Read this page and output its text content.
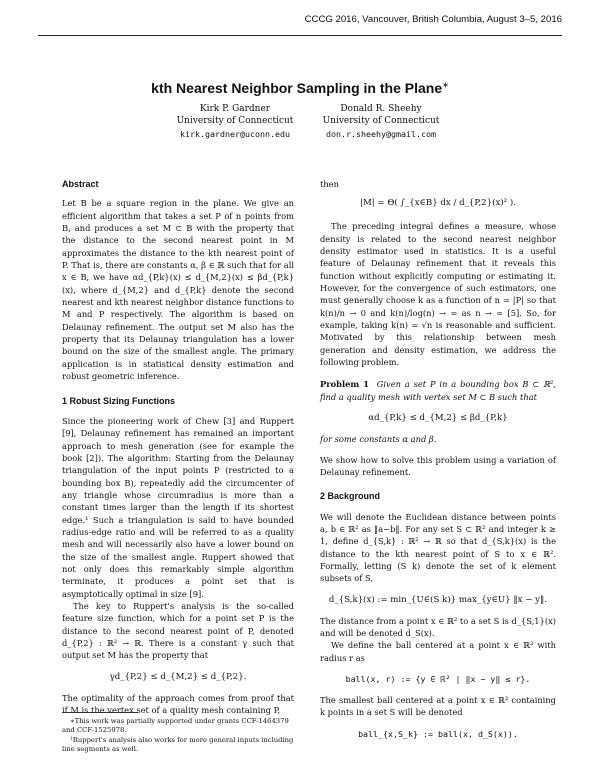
CCCG 2016, Vancouver, British Columbia, August 3–5, 2016
kth Nearest Neighbor Sampling in the Plane∗
Kirk P. Gardner
University of Connecticut
kirk.gardner@uconn.edu
Donald R. Sheehy
University of Connecticut
don.r.sheehy@gmail.com
Abstract

Let B be a square region in the plane. We give an efficient algorithm that takes a set P of n points from B, and produces a set M ⊂ B with the property that the distance to the second nearest point in M approximates the distance to the kth nearest point of P. That is, there are constants α, β ∈ ℝ such that for all x ∈ B, we have αd_{P,k}(x) ≤ d_{M,2}(x) ≤ βd_{P,k}(x), where d_{M,2} and d_{P,k} denote the second nearest and kth nearest neighbor distance functions to M and P respectively. The algorithm is based on Delaunay refinement. The output set M also has the property that its Delaunay triangulation has a lower bound on the size of the smallest angle. The primary application is in statistical density estimation and robust geometric inference.

1 Robust Sizing Functions

Since the pioneering work of Chew [3] and Ruppert [9], Delaunay refinement has remained an important approach to mesh generation (see for example the book [2]). The algorithm: Starting from the Delaunay triangulation of the input points P (restricted to a bounding box B), repeatedly add the circumcenter of any triangle whose circumradius is more than a constant times larger than the length if its shortest edge.¹ Such a triangulation is said to have bounded radius-edge ratio and will be referred to as a quality mesh and will necessarily also have a lower bound on the size of the smallest angle. Ruppert showed that not only does this remarkably simple algorithm terminate, it produces a point set that is asymptotically optimal in size [9].

The key to Ruppert's analysis is the so-called feature size function, which for a point set P is the distance to the second nearest point of P, denoted d_{P,2} : ℝ² → ℝ. There is a constant γ such that output set M has the property that

γd_{P,2} ≤ d_{M,2} ≤ d_{P,2}.

The optimality of the approach comes from proof that if M is the vertex set of a quality mesh containing P,

∗This work was partially supported under grants CCF-1464379 and CCF-1525978.
¹Ruppert's analysis also works for more general inputs including line segments as well.

then

|M| = Θ( ∫_{x∈B} dx / d_{P,2}(x)² ).

The preceding integral defines a measure, whose density is related to the second nearest neighbor density estimator used in statistics. It is a useful feature of Delaunay refinement that it reveals this function without explicitly computing or estimating it. However, for the convergence of such estimators, one must generally choose k as a function of n = |P| so that k(n)/n → 0 and k(n)/log(n) → ∞ as n → ∞ [5]. So, for example, taking k(n) = √n is reasonable and sufficient. Motivated by this relationship between mesh generation and density estimation, we address the following problem.

Problem 1 Given a set P in a bounding box B ⊂ ℝ², find a quality mesh with vertex set M ⊂ B such that

αd_{P,k} ≤ d_{M,2} ≤ βd_{P,k}

for some constants α and β.

We show how to solve this problem using a variation of Delaunay refinement.

2 Background

We will denote the Euclidean distance between points a, b ∈ ℝ² as ‖a−b‖. For any set S ⊂ ℝ² and integer k ≥ 1, define d_{S,k} : ℝ² → ℝ so that d_{S,k}(x) is the distance to the kth nearest point of S to x ∈ ℝ². Formally, letting (S k) denote the set of k element subsets of S,

d_{S,k}(x) := min_{U∈(S k)} max_{y∈U} ‖x − y‖.

The distance from a point x ∈ ℝ² to a set S is d_{S,1}(x) and will be denoted d_S(x).

We define the ball centered at a point x ∈ ℝ² with radius r as

ball(x, r) := {y ∈ ℝ² | ‖x − y‖ ≤ r}.

The smallest ball centered at a point x ∈ ℝ² containing k points in a set S will be denoted

ball_{x,S_k} := ball(x, d_S(x)).
